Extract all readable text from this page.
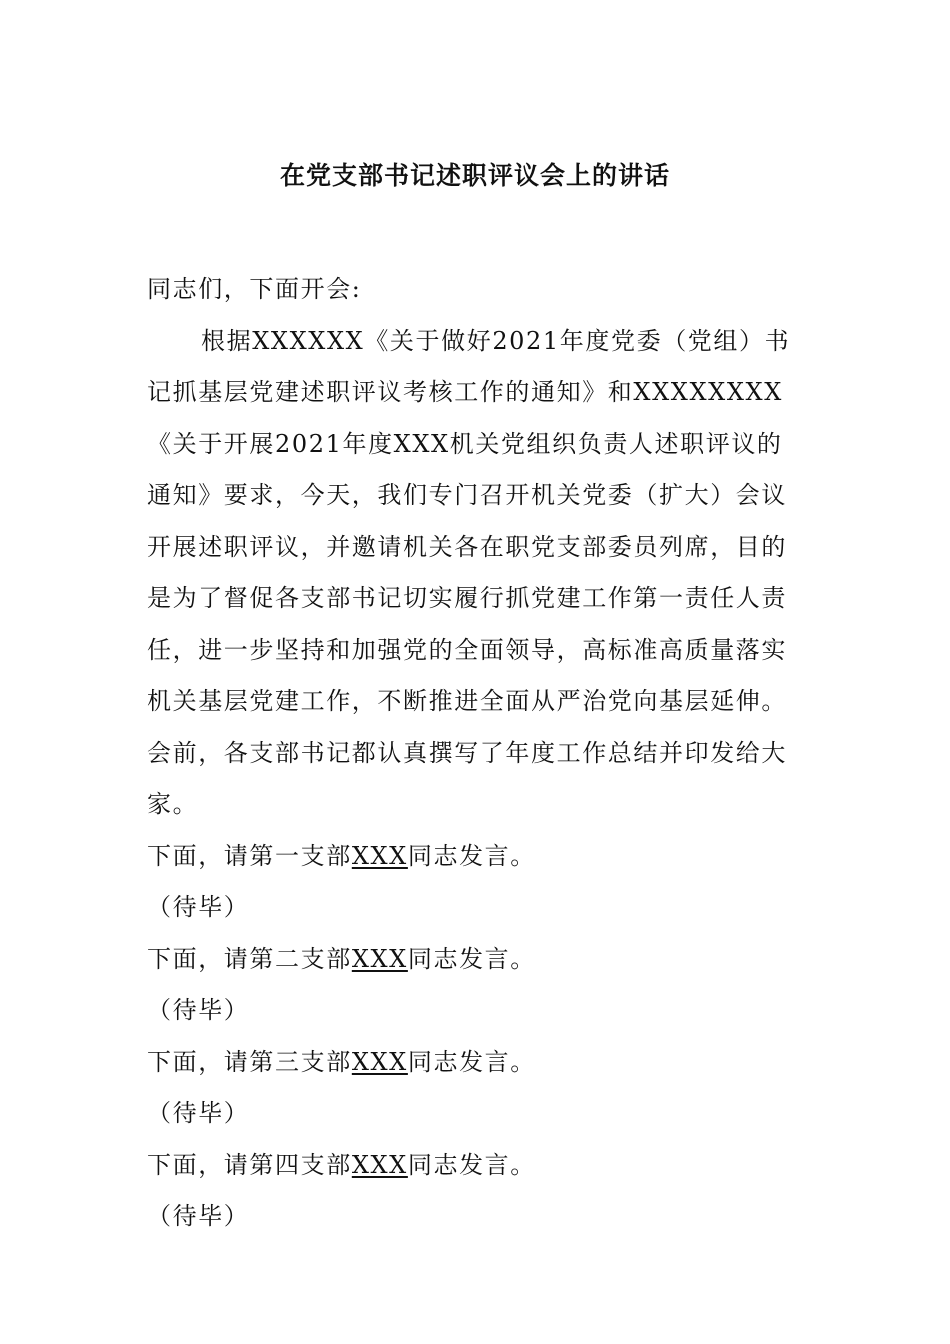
在党支部书记述职评议会上的讲话

同志们，下面开会:

根据XXXXXX《关于做好2021年度党委（党组）书记抓基层党建述职评议考核工作的通知》和XXXXXXXX《关于开展2021年度XXX机关党组织负责人述职评议的通知》要求，今天，我们专门召开机关党委（扩大）会议开展述职评议，并邀请机关各在职党支部委员列席，目的是为了督促各支部书记切实履行抓党建工作第一责任人责任，进一步坚持和加强党的全面领导，高标准高质量落实机关基层党建工作，不断推进全面从严治党向基层延伸。会前，各支部书记都认真撰写了年度工作总结并印发给大家。

下面，请第一支部XXX同志发言。

（待毕）

下面，请第二支部XXX同志发言。

（待毕）

下面，请第三支部XXX同志发言。

（待毕）

下面，请第四支部XXX同志发言。

（待毕）
